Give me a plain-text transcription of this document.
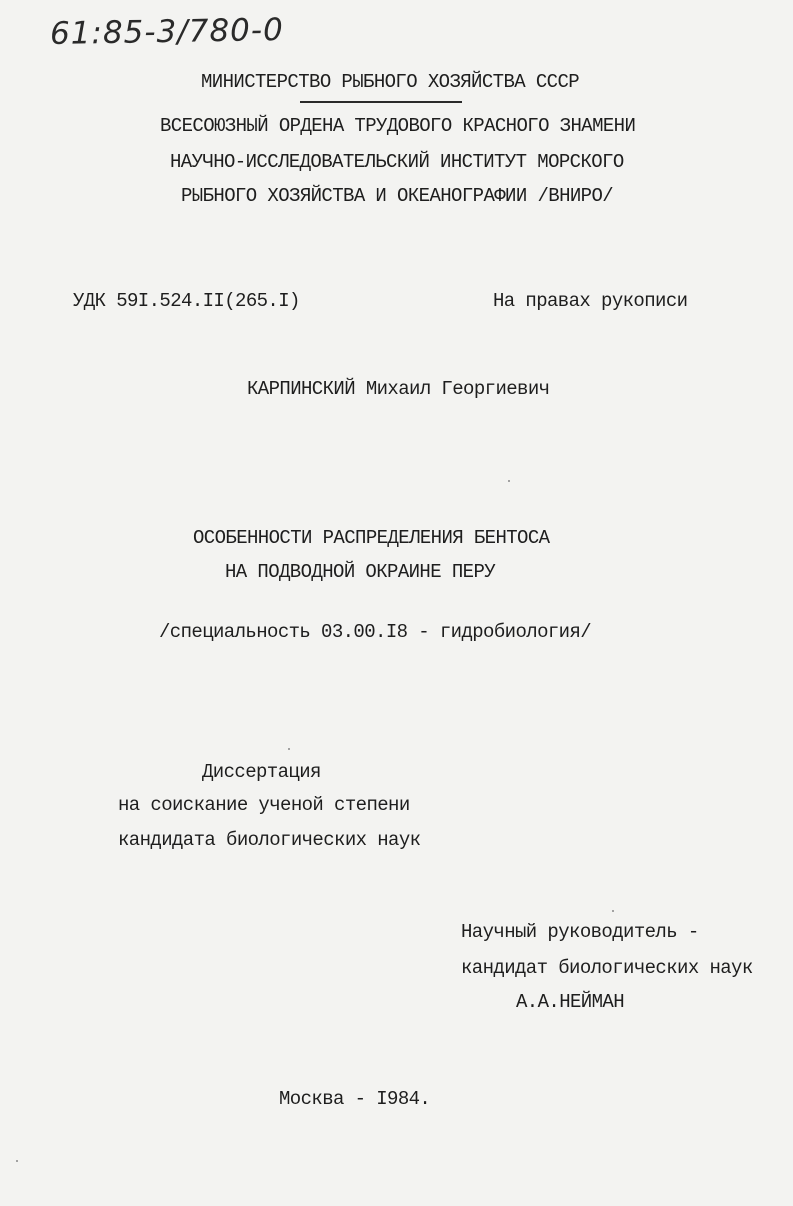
61:85-3/780-0
МИНИСТЕРСТВО РЫБНОГО ХОЗЯЙСТВА СССР
ВСЕСОЮЗНЫЙ ОРДЕНА ТРУДОВОГО КРАСНОГО ЗНАМЕНИ
НАУЧНО-ИССЛЕДОВАТЕЛЬСКИЙ ИНСТИТУТ МОРСКОГО
РЫБНОГО ХОЗЯЙСТВА И ОКЕАНОГРАФИИ /ВНИРО/
УДК 59I.524.II(265.I)	На правах рукописи
КАРПИНСКИЙ Михаил Георгиевич
ОСОБЕННОСТИ РАСПРЕДЕЛЕНИЯ БЕНТОСА
НА ПОДВОДНОЙ ОКРАИНЕ ПЕРУ
/специальность 03.00.I8 - гидробиология/
Диссертация
на соискание ученой степени
кандидата биологических наук
Научный руководитель -
кандидат биологических наук
А.А.НЕЙМАН
Москва - I984.
